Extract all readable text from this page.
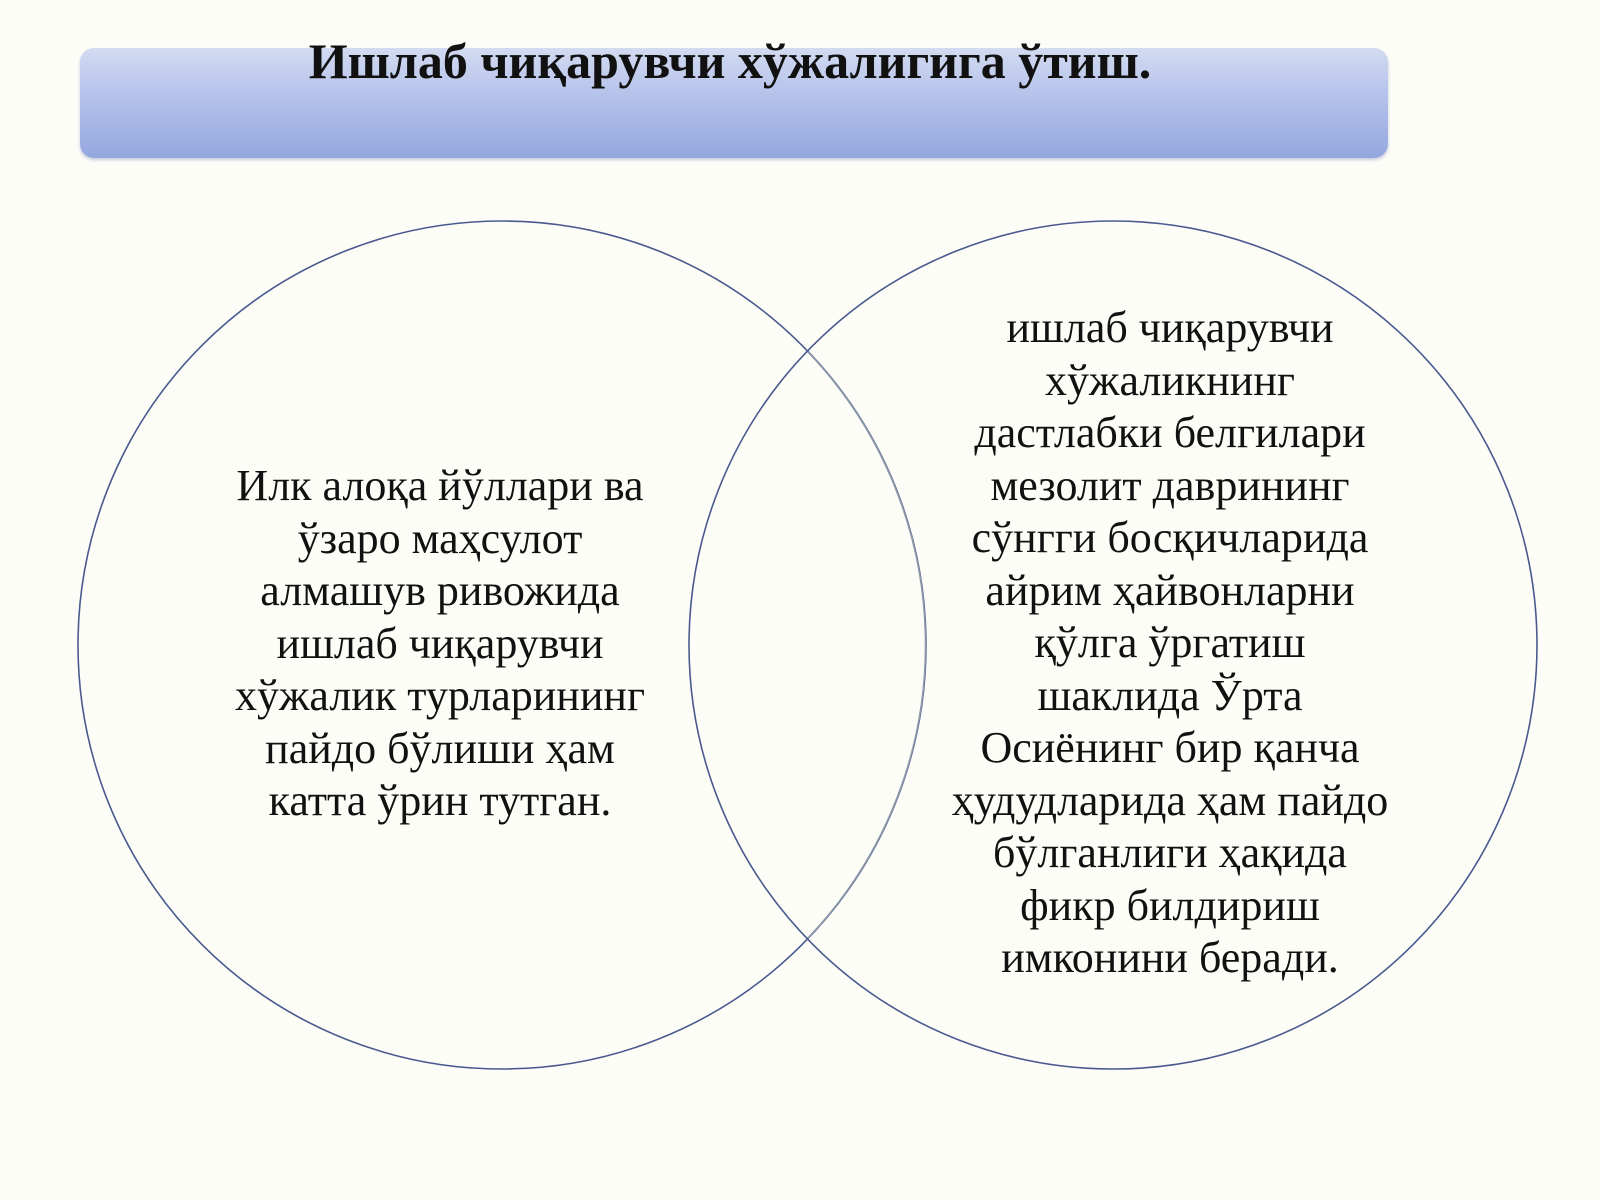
Ишлаб чиқарувчи хўжалигига ўтиш.
Илк алоқа йўллари ва
ўзаро маҳсулот
алмашув ривожида
ишлаб чиқарувчи
хўжалик турларининг
пайдо бўлиши ҳам
катта ўрин тутган.
ишлаб чиқарувчи
хўжаликнинг
дастлабки белгилари
мезолит даврининг
сўнгги босқичларида
айрим ҳайвонларни
қўлга ўргатиш
шаклида Ўрта
Осиёнинг бир қанча
ҳудудларида ҳам пайдо
бўлганлиги ҳақида
фикр билдириш
имконини беради.
